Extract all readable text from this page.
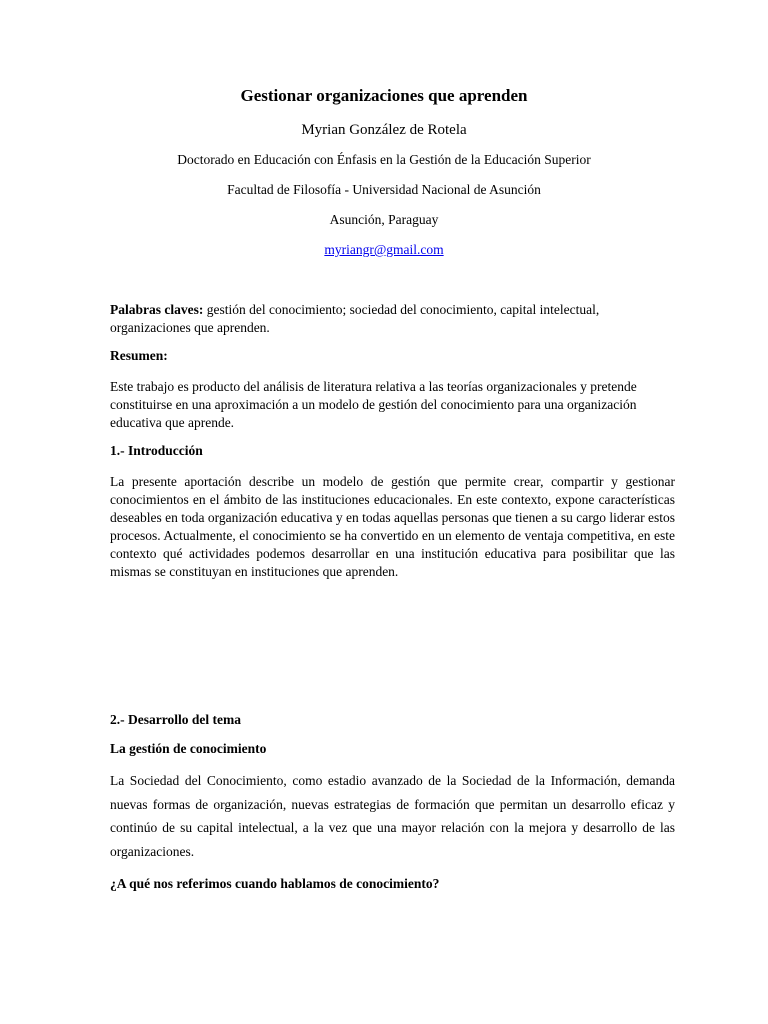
Gestionar organizaciones que aprenden
Myrian González de Rotela
Doctorado en Educación con Énfasis en la Gestión de la Educación Superior
Facultad de Filosofía - Universidad Nacional de Asunción
Asunción, Paraguay
myriangr@gmail.com
Palabras claves: gestión del conocimiento; sociedad del conocimiento, capital intelectual, organizaciones que aprenden.
Resumen:
Este trabajo es producto del análisis de literatura relativa a las teorías organizacionales y pretende constituirse en una aproximación a un modelo de gestión del conocimiento para una organización educativa que aprende.
1.- Introducción
La presente aportación describe un modelo de gestión que permite crear, compartir y gestionar conocimientos en el ámbito de las instituciones educacionales. En este contexto, expone características deseables en toda organización educativa y en todas aquellas personas que tienen a su cargo liderar estos procesos. Actualmente, el conocimiento se ha convertido en un elemento de ventaja competitiva, en este contexto qué actividades podemos desarrollar en una institución educativa para posibilitar que las mismas se constituyan en instituciones que aprenden.
2.- Desarrollo del tema
La gestión de conocimiento
La Sociedad del Conocimiento, como estadio avanzado de la Sociedad de la Información, demanda nuevas formas de organización, nuevas estrategias de formación que permitan un desarrollo eficaz y continúo de su capital intelectual, a la vez que una mayor relación con la mejora y desarrollo de las organizaciones.
¿A qué nos referimos cuando hablamos de conocimiento?
